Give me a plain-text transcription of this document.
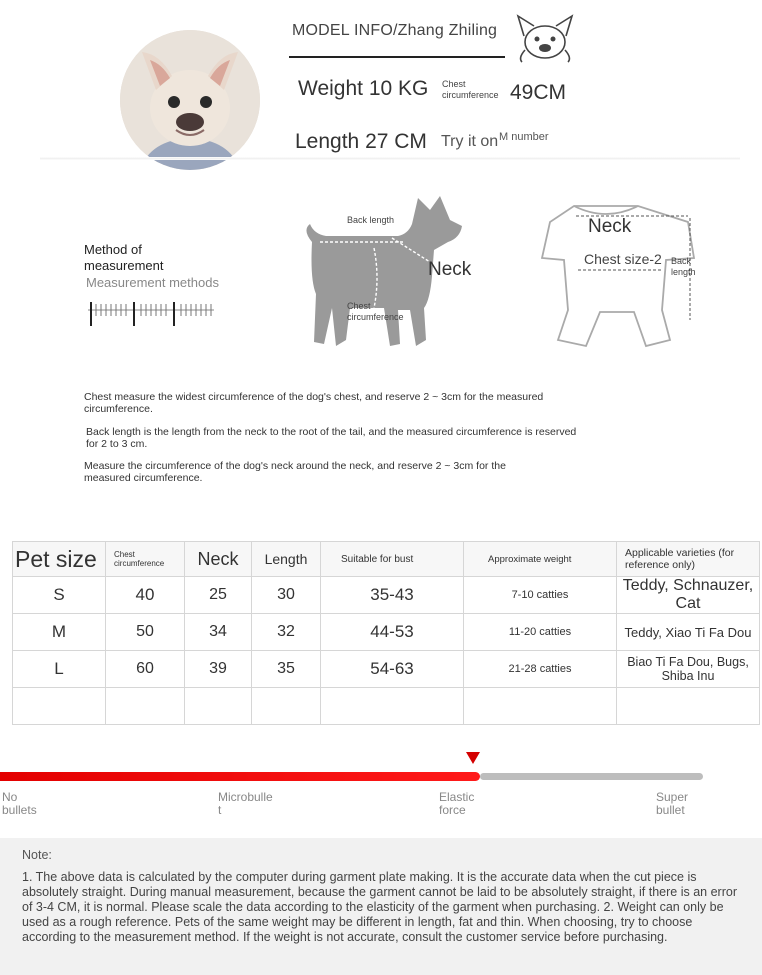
MODEL INFO/Zhang Zhiling
Weight 10 KG Chest circumference 49CM
Length 27 CM Try it on M number
Method of measurement
Measurement methods
Back length
Neck
Chest circumference
Neck
Chest size-2 Back length
Chest measure the widest circumference of the dog's chest, and reserve 2 ~ 3cm for the measured circumference.
Back length is the length from the neck to the root of the tail, and the measured circumference is reserved for 2 to 3 cm.
Measure the circumference of the dog's neck around the neck, and reserve 2 ~ 3cm for the measured circumference.
Pet size	Chest circumference	Neck	Length	Suitable for bust	Approximate weight	Applicable varieties (for reference only)
S	40	25	30	35-43	7-10 catties	Teddy, Schnauzer, Cat
M	50	34	32	44-53	11-20 catties	Teddy, Xiao Ti Fa Dou
L	60	39	35	54-63	21-28 catties	Biao Ti Fa Dou, Bugs, Shiba Inu

No bullets
Microbullet
Elastic force
Super bullet
Note:
1. The above data is calculated by the computer during garment plate making. It is the accurate data when the cut piece is absolutely straight. During manual measurement, because the garment cannot be laid to be absolutely straight, if there is an error of 3-4 CM, it is normal. Please scale the data according to the elasticity of the garment when purchasing. 2. Weight can only be used as a rough reference. Pets of the same weight may be different in length, fat and thin. When choosing, try to choose according to the measurement method. If the weight is not accurate, consult the customer service before purchasing.
